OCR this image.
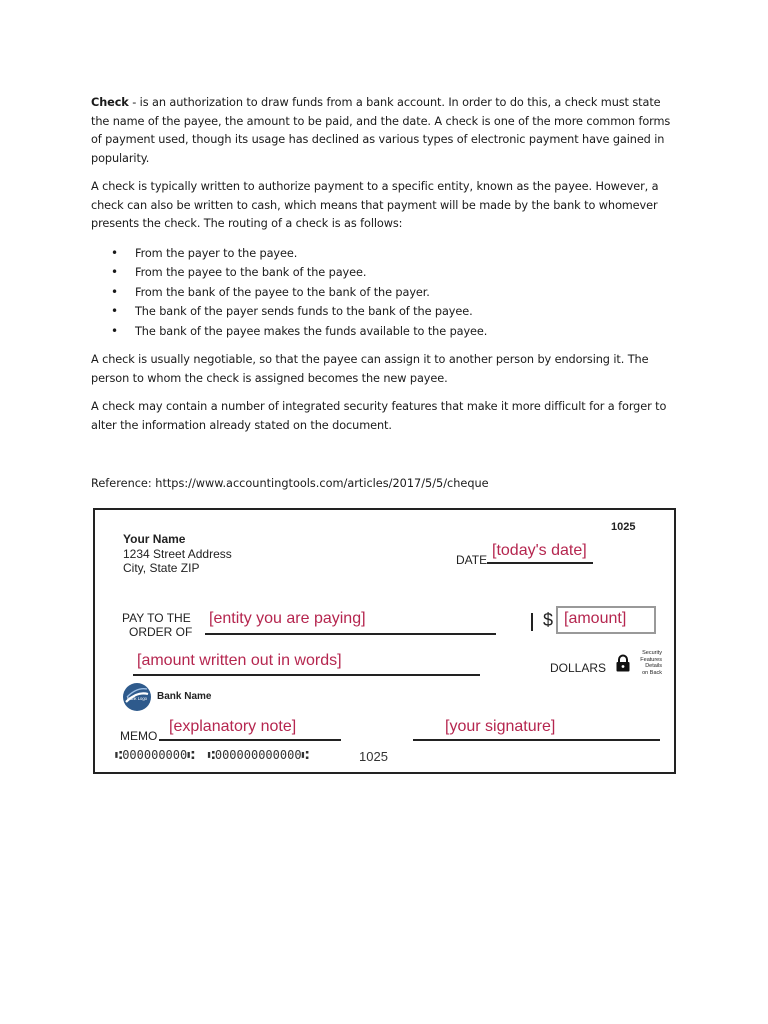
Check - is an authorization to draw funds from a bank account. In order to do this, a check must state the name of the payee, the amount to be paid, and the date. A check is one of the more common forms of payment used, though its usage has declined as various types of electronic payment have gained in popularity.

A check is typically written to authorize payment to a specific entity, known as the payee. However, a check can also be written to cash, which means that payment will be made by the bank to whomever presents the check. The routing of a check is as follows:

• From the payer to the payee.
• From the payee to the bank of the payee.
• From the bank of the payee to the bank of the payer.
• The bank of the payer sends funds to the bank of the payee.
• The bank of the payee makes the funds available to the payee.

A check is usually negotiable, so that the payee can assign it to another person by endorsing it. The person to whom the check is assigned becomes the new payee.

A check may contain a number of integrated security features that make it more difficult for a forger to alter the information already stated on the document.

Reference: https://www.accountingtools.com/articles/2017/5/5/cheque
1025
Your Name
1234 Street Address
City, State ZIP
DATE
[today's date]
PAY TO THE
ORDER OF
[entity you are paying]	$ [amount]
[amount written out in words]	DOLLARS
Security
Features
Details
on Back
Bank Logo Bank Name
MEMO
[explanatory note]	[your signature]
⑆000000000⑆ ⑆000000000000⑆	1025
